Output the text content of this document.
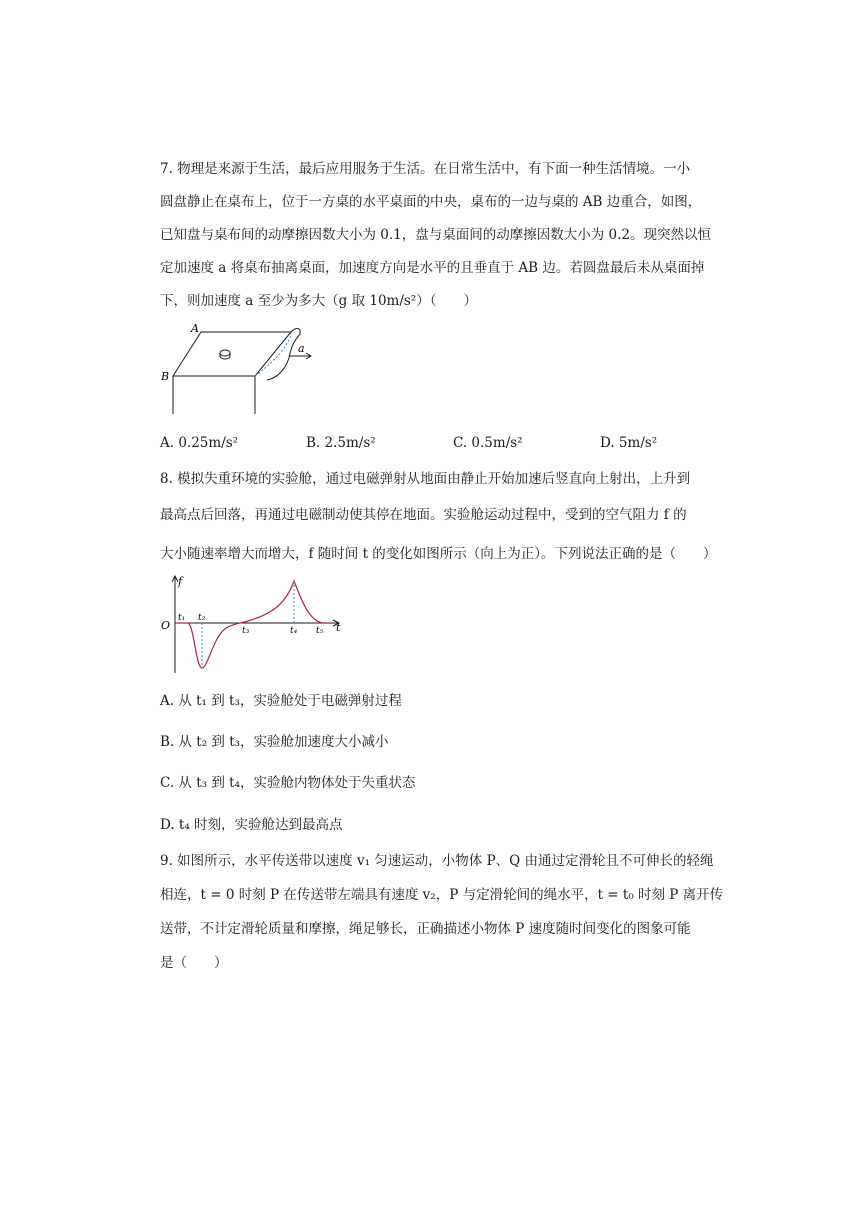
7. 物理是来源于生活，最后应用服务于生活。在日常生活中，有下面一种生活情境。一小
圆盘静止在桌布上，位于一方桌的水平桌面的中央，桌布的一边与桌的 AB 边重合，如图，
已知盘与桌布间的动摩擦因数大小为 0.1，盘与桌面间的动摩擦因数大小为 0.2。现突然以恒
定加速度 a 将桌布抽离桌面，加速度方向是水平的且垂直于 AB 边。若圆盘最后未从桌面掉
下，则加速度 a 至少为多大（g 取 10m/s²）（　　）
A
B
a
A. 0.25m/s²	B. 2.5m/s²	C. 0.5m/s²	D. 5m/s²
8. 模拟失重环境的实验舱，通过电磁弹射从地面由静止开始加速后竖直向上射出，上升到
最高点后回落，再通过电磁制动使其停在地面。实验舱运动过程中，受到的空气阻力 f 的
大小随速率增大而增大，f 随时间 t 的变化如图所示（向上为正）。下列说法正确的是（　　）
f
O	t
t₁ t₂
t₃	t₄ t₅
A. 从 t₁ 到 t₃，实验舱处于电磁弹射过程
B. 从 t₂ 到 t₃，实验舱加速度大小减小
C. 从 t₃ 到 t₄，实验舱内物体处于失重状态
D. t₄ 时刻，实验舱达到最高点
9. 如图所示，水平传送带以速度 v₁ 匀速运动，小物体 P、Q 由通过定滑轮且不可伸长的轻绳
相连，t = 0 时刻 P 在传送带左端具有速度 v₂，P 与定滑轮间的绳水平，t = t₀ 时刻 P 离开传
送带，不计定滑轮质量和摩擦，绳足够长，正确描述小物体 P 速度随时间变化的图象可能
是（　　）
